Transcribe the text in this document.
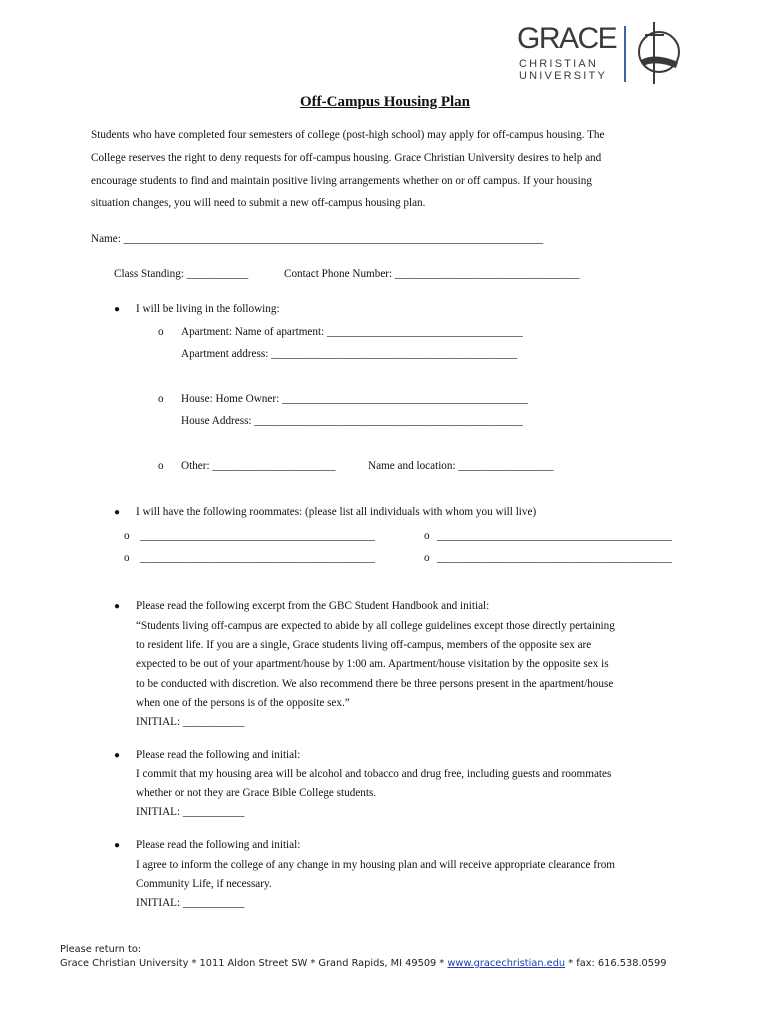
GRACE
CHRISTIAN
UNIVERSITY
Off-Campus Housing Plan
Students who have completed four semesters of college (post-high school) may apply for off-campus housing. The
College reserves the right to deny requests for off-campus housing. Grace Christian University desires to help and
encourage students to find and maintain positive living arrangements whether on or off campus. If your housing
situation changes, you will need to submit a new off-campus housing plan.
Name: ___________________________________________________________________________
Class Standing: ___________	Contact Phone Number: _________________________________
● I will be living in the following:
o Apartment: Name of apartment: ___________________________________
Apartment address: ____________________________________________
o House: Home Owner: ____________________________________________
House Address: ________________________________________________
o Other: ______________________	Name and location: _________________
● I will have the following roommates: (please list all individuals with whom you will live)
o __________________________________________	o __________________________________________
o __________________________________________	o __________________________________________
● Please read the following excerpt from the GBC Student Handbook and initial:
“Students living off-campus are expected to abide by all college guidelines except those directly pertaining
to resident life. If you are a single, Grace students living off-campus, members of the opposite sex are
expected to be out of your apartment/house by 1:00 am. Apartment/house visitation by the opposite sex is
to be conducted with discretion. We also recommend there be three persons present in the apartment/house
when one of the persons is of the opposite sex.”
INITIAL: ___________
● Please read the following and initial:
I commit that my housing area will be alcohol and tobacco and drug free, including guests and roommates
whether or not they are Grace Bible College students.
INITIAL: ___________
● Please read the following and initial:
I agree to inform the college of any change in my housing plan and will receive appropriate clearance from
Community Life, if necessary.
INITIAL: ___________
Please return to:
Grace Christian University * 1011 Aldon Street SW * Grand Rapids, MI 49509 * www.gracechristian.edu * fax: 616.538.0599
